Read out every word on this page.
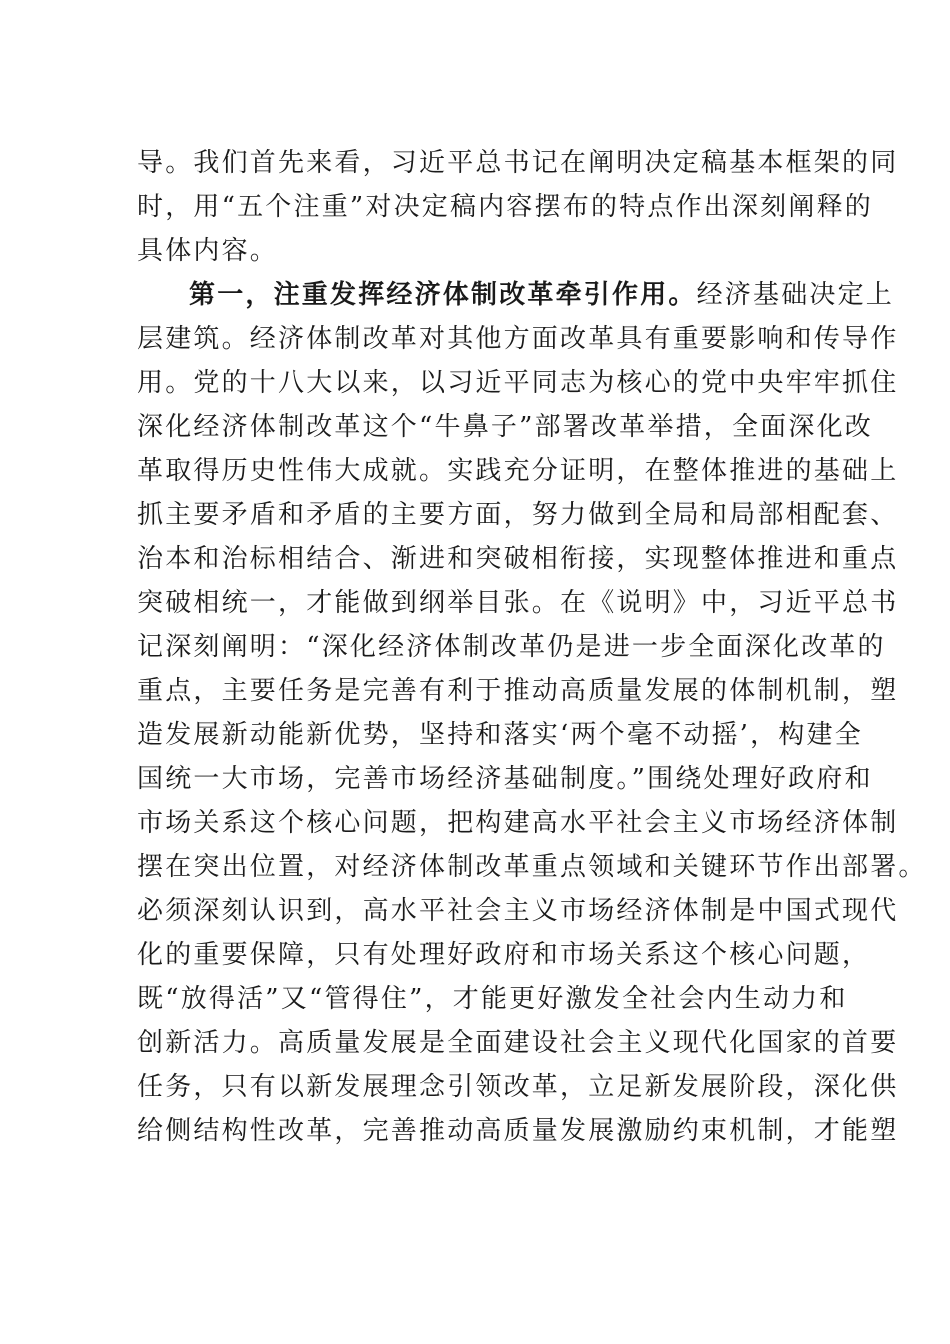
导。我们首先来看，习近平总书记在阐明决定稿基本框架的同
时，用“五个注重”对决定稿内容摆布的特点作出深刻阐释的
具体内容。
第一，注重发挥经济体制改革牵引作用。经济基础决定上
层建筑。经济体制改革对其他方面改革具有重要影响和传导作
用。党的十八大以来，以习近平同志为核心的党中央牢牢抓住
深化经济体制改革这个“牛鼻子”部署改革举措，全面深化改
革取得历史性伟大成就。实践充分证明，在整体推进的基础上
抓主要矛盾和矛盾的主要方面，努力做到全局和局部相配套、
治本和治标相结合、渐进和突破相衔接，实现整体推进和重点
突破相统一，才能做到纲举目张。在《说明》中，习近平总书
记深刻阐明：“深化经济体制改革仍是进一步全面深化改革的
重点，主要任务是完善有利于推动高质量发展的体制机制，塑
造发展新动能新优势，坚持和落实‘两个毫不动摇’，构建全
国统一大市场，完善市场经济基础制度。”围绕处理好政府和
市场关系这个核心问题，把构建高水平社会主义市场经济体制
摆在突出位置，对经济体制改革重点领域和关键环节作出部署。
必须深刻认识到，高水平社会主义市场经济体制是中国式现代
化的重要保障，只有处理好政府和市场关系这个核心问题，
既“放得活”又“管得住”，才能更好激发全社会内生动力和
创新活力。高质量发展是全面建设社会主义现代化国家的首要
任务，只有以新发展理念引领改革，立足新发展阶段，深化供
给侧结构性改革，完善推动高质量发展激励约束机制，才能塑
